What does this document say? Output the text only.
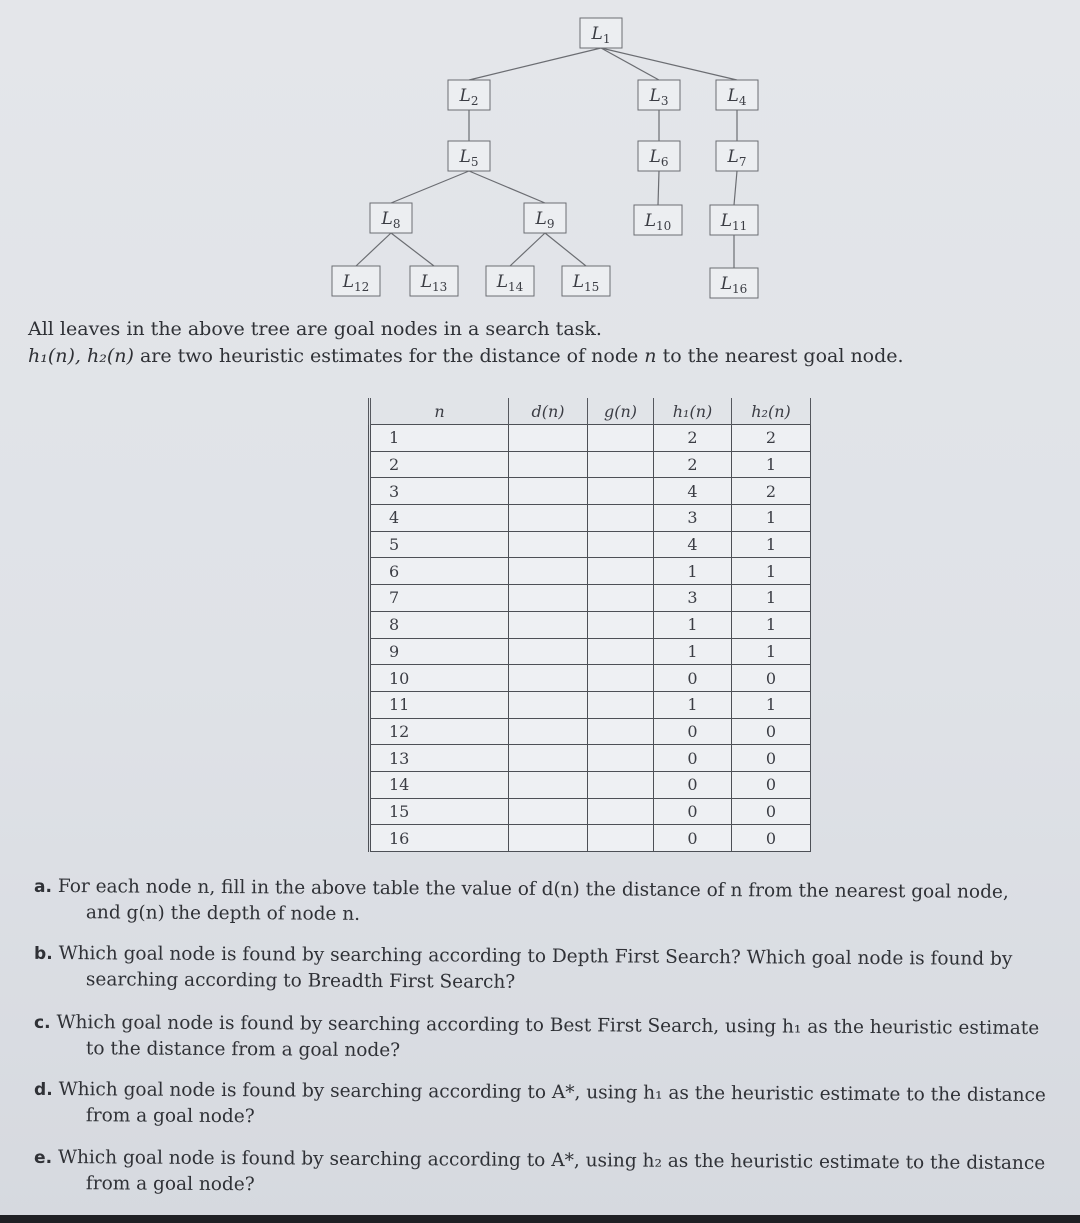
$L_1$
$L_2$	$L_3$	$L_4$
$L_5$	$L_6$	$L_7$
$L_8$	$L_9$	$L_{10}$	$L_{11}$
$L_{12}$	$L_{13}$	$L_{14}$	$L_{15}$	$L_{16}$
All leaves in the above tree are goal nodes in a search task.
h₁(n), h₂(n) are two heuristic estimates for the distance of node n to the nearest goal node.
n	d(n)	g(n)	h₁(n)	h₂(n)
1			2	2
2			2	1
3			4	2
4			3	1
5			4	1
6			1	1
7			3	1
8			1	1
9			1	1
10			0	0
11			1	1
12			0	0
13			0	0
14			0	0
15			0	0
16			0	0
a. For each node n, fill in the above table the value of d(n) the distance of n from the nearest goal node,
and g(n) the depth of node n.
b. Which goal node is found by searching according to Depth First Search? Which goal node is found by
searching according to Breadth First Search?
c. Which goal node is found by searching according to Best First Search, using h₁ as the heuristic estimate
to the distance from a goal node?
d. Which goal node is found by searching according to A*, using h₁ as the heuristic estimate to the distance
from a goal node?
e. Which goal node is found by searching according to A*, using h₂ as the heuristic estimate to the distance
from a goal node?
